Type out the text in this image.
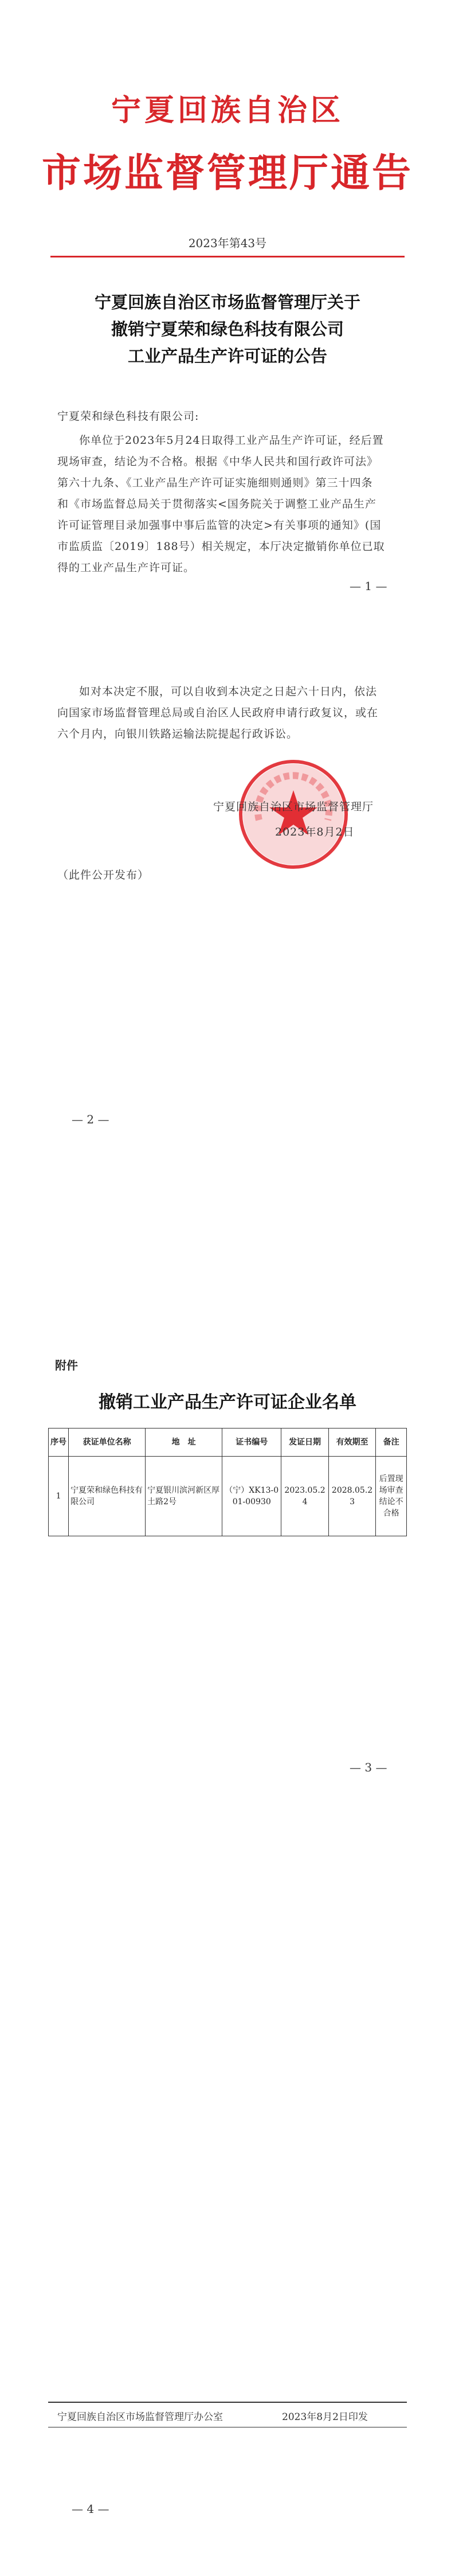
宁夏回族自治区
市场监督管理厅通告
2023年第43号
宁夏回族自治区市场监督管理厅关于
撤销宁夏荣和绿色科技有限公司
工业产品生产许可证的公告
宁夏荣和绿色科技有限公司:
你单位于2023年5月24日取得工业产品生产许可证，经后置
现场审查，结论为不合格。根据《中华人民共和国行政许可法》
第六十九条、《工业产品生产许可证实施细则通则》第三十四条
和《市场监督总局关于贯彻落实<国务院关于调整工业产品生产
许可证管理目录加强事中事后监管的决定>有关事项的通知》(国
市监质监〔2019〕188号）相关规定，本厅决定撤销你单位已取
得的工业产品生产许可证。
— 1 —
如对本决定不服，可以自收到本决定之日起六十日内，依法
向国家市场监督管理总局或自治区人民政府申请行政复议，或在
六个月内，向银川铁路运输法院提起行政诉讼。
宁夏回族自治区市场监督管理厅
2023年8月2日
（此件公开发布）
— 2 —
附件
撤销工业产品生产许可证企业名单
序号	获证单位名称	地　址	证书编号	发证日期	有效期至	备注
1	宁夏荣和绿色科技有限公司	宁夏银川滨河新区厚土路2号	（宁）XK13-001-00930	2023.05.24	2028.05.23	后置现场审查结论不合格
— 3 —
宁夏回族自治区市场监督管理厅办公室	2023年8月2日印发
— 4 —
